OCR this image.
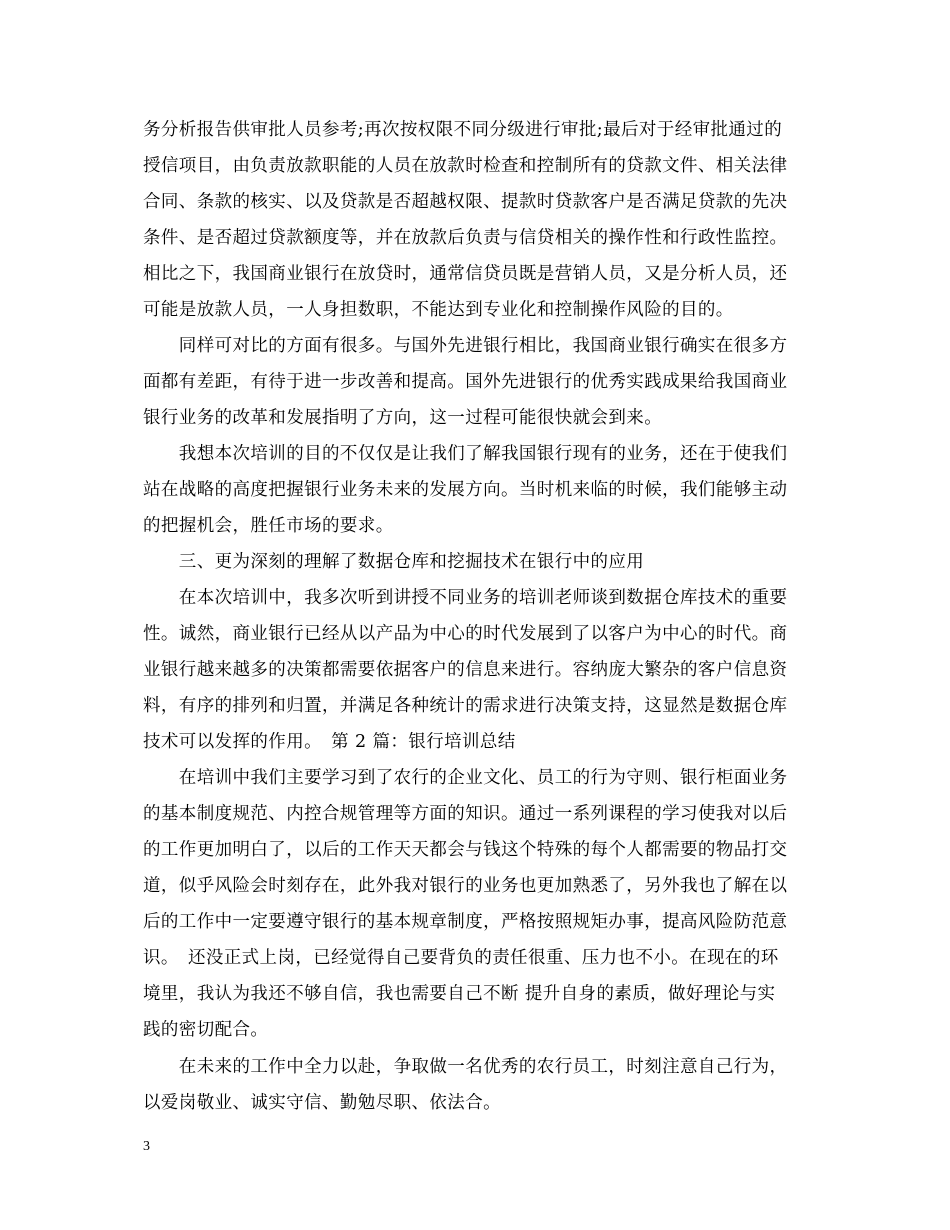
务分析报告供审批人员参考;再次按权限不同分级进行审批;最后对于经审批通过的
授信项目，由负责放款职能的人员在放款时检查和控制所有的贷款文件、相关法律
合同、条款的核实、以及贷款是否超越权限、提款时贷款客户是否满足贷款的先决
条件、是否超过贷款额度等，并在放款后负责与信贷相关的操作性和行政性监控。
相比之下，我国商业银行在放贷时，通常信贷员既是营销人员，又是分析人员，还
可能是放款人员，一人身担数职，不能达到专业化和控制操作风险的目的。
　　同样可对比的方面有很多。与国外先进银行相比，我国商业银行确实在很多方
面都有差距，有待于进一步改善和提高。国外先进银行的优秀实践成果给我国商业
银行业务的改革和发展指明了方向，这一过程可能很快就会到来。
　　我想本次培训的目的不仅仅是让我们了解我国银行现有的业务，还在于使我们
站在战略的高度把握银行业务未来的发展方向。当时机来临的时候，我们能够主动
的把握机会，胜任市场的要求。
　　三、更为深刻的理解了数据仓库和挖掘技术在银行中的应用
　　在本次培训中，我多次听到讲授不同业务的培训老师谈到数据仓库技术的重要
性。诚然，商业银行已经从以产品为中心的时代发展到了以客户为中心的时代。商
业银行越来越多的决策都需要依据客户的信息来进行。容纳庞大繁杂的客户信息资
料，有序的排列和归置，并满足各种统计的需求进行决策支持，这显然是数据仓库
技术可以发挥的作用。　第 2 篇：银行培训总结
　　在培训中我们主要学习到了农行的企业文化、员工的行为守则、银行柜面业务
的基本制度规范、内控合规管理等方面的知识。通过一系列课程的学习使我对以后
的工作更加明白了，以后的工作天天都会与钱这个特殊的每个人都需要的物品打交
道，似乎风险会时刻存在，此外我对银行的业务也更加熟悉了，另外我也了解在以
后的工作中一定要遵守银行的基本规章制度，严格按照规矩办事，提高风险防范意
识。　还没正式上岗，已经觉得自己要背负的责任很重、压力也不小。在现在的环
境里，我认为我还不够自信，我也需要自己不断 提升自身的素质，做好理论与实
践的密切配合。
　　在未来的工作中全力以赴，争取做一名优秀的农行员工，时刻注意自己行为，
以爱岗敬业、诚实守信、勤勉尽职、依法合。
3
